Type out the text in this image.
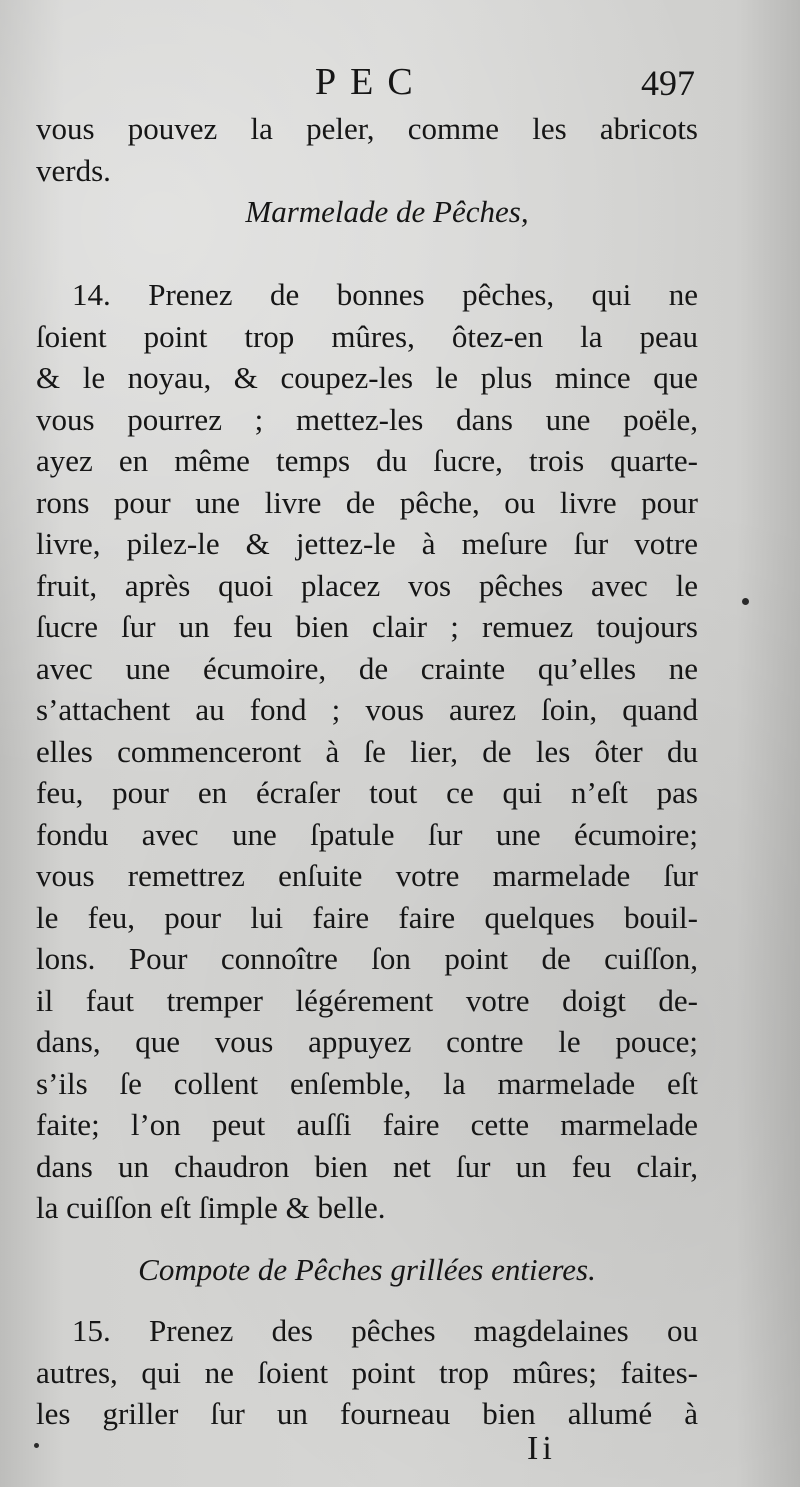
PEC	497
vous pouvez la peler, comme les abricots
verds.
Marmelade de Pêches,
14. Prenez de bonnes pêches, qui ne
ſoient point trop mûres, ôtez-en la peau
& le noyau, & coupez-les le plus mince que
vous pourrez ; mettez-les dans une poële,
ayez en même temps du ſucre, trois quarte-
rons pour une livre de pêche, ou livre pour
livre, pilez-le & jettez-le à meſure ſur votre
fruit, après quoi placez vos pêches avec le
ſucre ſur un feu bien clair ; remuez toujours
avec une écumoire, de crainte qu’elles ne
s’attachent au fond ; vous aurez ſoin, quand
elles commenceront à ſe lier, de les ôter du
feu, pour en écraſer tout ce qui n’eſt pas
fondu avec une ſpatule ſur une écumoire;
vous remettrez enſuite votre marmelade ſur
le feu, pour lui faire faire quelques bouil-
lons. Pour connoître ſon point de cuiſſon,
il faut tremper légérement votre doigt de-
dans, que vous appuyez contre le pouce;
s’ils ſe collent enſemble, la marmelade eſt
faite; l’on peut auſſi faire cette marmelade
dans un chaudron bien net ſur un feu clair,
la cuiſſon eſt ſimple & belle.
Compote de Pêches grillées entieres.
15. Prenez des pêches magdelaines ou
autres, qui ne ſoient point trop mûres; faites-
les griller ſur un fourneau bien allumé à
Ii
